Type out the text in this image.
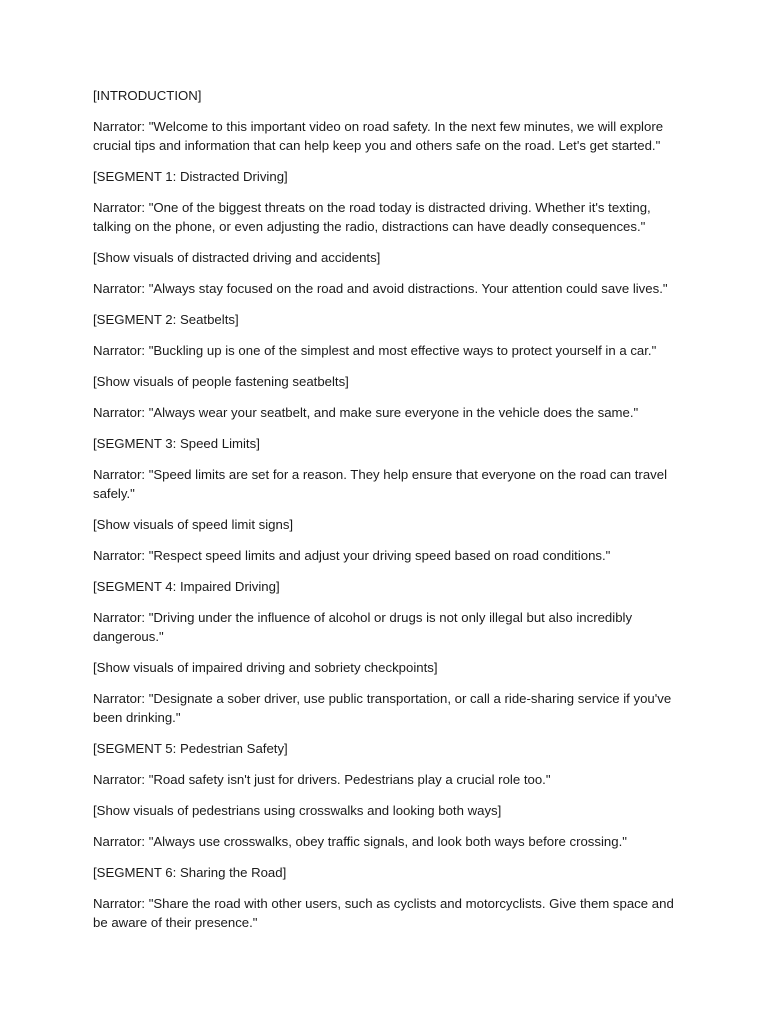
[INTRODUCTION]

Narrator: "Welcome to this important video on road safety. In the next few minutes, we will explore crucial tips and information that can help keep you and others safe on the road. Let's get started."

[SEGMENT 1: Distracted Driving]

Narrator: "One of the biggest threats on the road today is distracted driving. Whether it's texting, talking on the phone, or even adjusting the radio, distractions can have deadly consequences."

[Show visuals of distracted driving and accidents]

Narrator: "Always stay focused on the road and avoid distractions. Your attention could save lives."

[SEGMENT 2: Seatbelts]

Narrator: "Buckling up is one of the simplest and most effective ways to protect yourself in a car."

[Show visuals of people fastening seatbelts]

Narrator: "Always wear your seatbelt, and make sure everyone in the vehicle does the same."

[SEGMENT 3: Speed Limits]

Narrator: "Speed limits are set for a reason. They help ensure that everyone on the road can travel safely."

[Show visuals of speed limit signs]

Narrator: "Respect speed limits and adjust your driving speed based on road conditions."

[SEGMENT 4: Impaired Driving]

Narrator: "Driving under the influence of alcohol or drugs is not only illegal but also incredibly dangerous."

[Show visuals of impaired driving and sobriety checkpoints]

Narrator: "Designate a sober driver, use public transportation, or call a ride-sharing service if you've been drinking."

[SEGMENT 5: Pedestrian Safety]

Narrator: "Road safety isn't just for drivers. Pedestrians play a crucial role too."

[Show visuals of pedestrians using crosswalks and looking both ways]

Narrator: "Always use crosswalks, obey traffic signals, and look both ways before crossing."

[SEGMENT 6: Sharing the Road]

Narrator: "Share the road with other users, such as cyclists and motorcyclists. Give them space and be aware of their presence."
